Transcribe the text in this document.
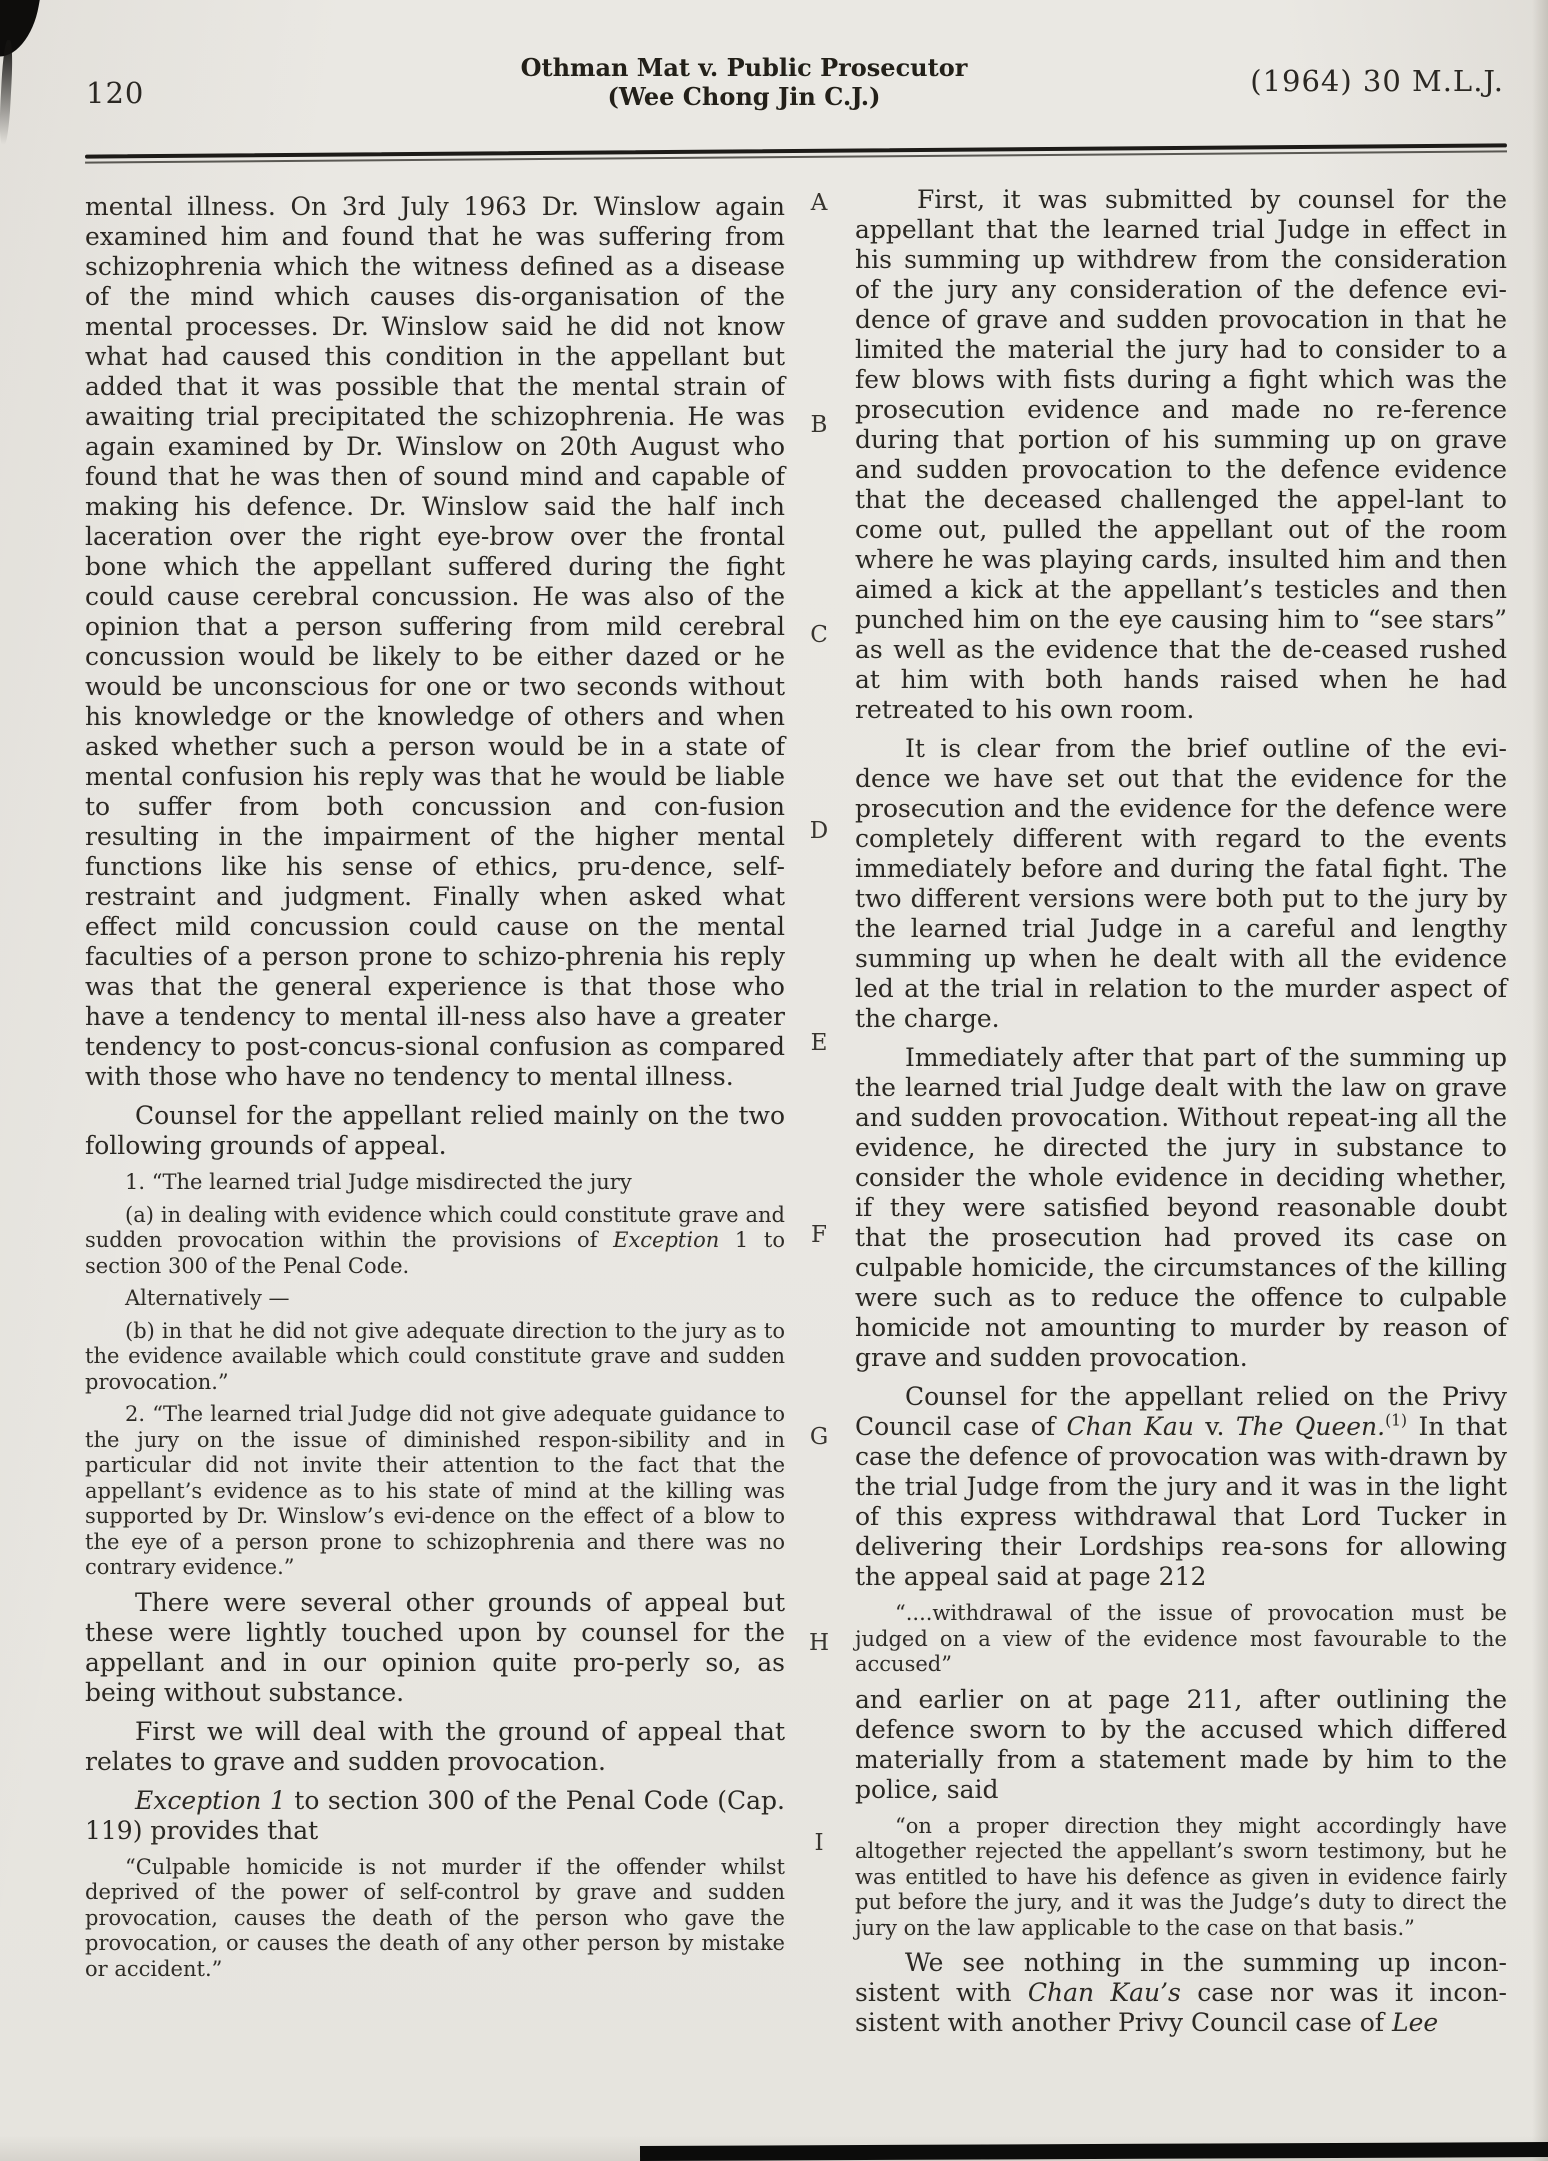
120
Othman Mat v. Public Prosecutor
(Wee Chong Jin C.J.)	(1964) 30 M.L.J.
A
B
C
D
E
F
G
H
I

mental illness. On 3rd July 1963 Dr. Winslow again examined him and found that he was suffering from schizophrenia which the witness defined as a disease of the mind which causes dis-organisation of the mental processes. Dr. Winslow said he did not know what had caused this condition in the appellant but added that it was possible that the mental strain of awaiting trial precipitated the schizophrenia. He was again examined by Dr. Winslow on 20th August who found that he was then of sound mind and capable of making his defence. Dr. Winslow said the half inch laceration over the right eye-brow over the frontal bone which the appellant suffered during the fight could cause cerebral concussion. He was also of the opinion that a person suffering from mild cerebral concussion would be likely to be either dazed or he would be unconscious for one or two seconds without his knowledge or the knowledge of others and when asked whether such a person would be in a state of mental confusion his reply was that he would be liable to suffer from both concussion and con-fusion resulting in the impairment of the higher mental functions like his sense of ethics, pru-dence, self-restraint and judgment. Finally when asked what effect mild concussion could cause on the mental faculties of a person prone to schizo-phrenia his reply was that the general experience is that those who have a tendency to mental ill-ness also have a greater tendency to post-concus-sional confusion as compared with those who have no tendency to mental illness.

Counsel for the appellant relied mainly on the two following grounds of appeal.

1. “The learned trial Judge misdirected the jury

(a) in dealing with evidence which could constitute grave and sudden provocation within the provisions of Exception 1 to section 300 of the Penal Code.

Alternatively —

(b) in that he did not give adequate direction to the jury as to the evidence available which could constitute grave and sudden provocation.”

2. “The learned trial Judge did not give adequate guidance to the jury on the issue of diminished respon-sibility and in particular did not invite their attention to the fact that the appellant’s evidence as to his state of mind at the killing was supported by Dr. Winslow’s evi-dence on the effect of a blow to the eye of a person prone to schizophrenia and there was no contrary evidence.”

There were several other grounds of appeal but these were lightly touched upon by counsel for the appellant and in our opinion quite pro-perly so, as being without substance.

First we will deal with the ground of appeal that relates to grave and sudden provocation.

Exception 1 to section 300 of the Penal Code (Cap. 119) provides that

“Culpable homicide is not murder if the offender whilst deprived of the power of self-control by grave and sudden provocation, causes the death of the person who gave the provocation, or causes the death of any other person by mistake or accident.”

First, it was submitted by counsel for the appellant that the learned trial Judge in effect in his summing up withdrew from the consideration of the jury any consideration of the defence evi-dence of grave and sudden provocation in that he limited the material the jury had to consider to a few blows with fists during a fight which was the prosecution evidence and made no re-ference during that portion of his summing up on grave and sudden provocation to the defence evidence that the deceased challenged the appel-lant to come out, pulled the appellant out of the room where he was playing cards, insulted him and then aimed a kick at the appellant’s testicles and then punched him on the eye causing him to “see stars” as well as the evidence that the de-ceased rushed at him with both hands raised when he had retreated to his own room.

It is clear from the brief outline of the evi-dence we have set out that the evidence for the prosecution and the evidence for the defence were completely different with regard to the events immediately before and during the fatal fight. The two different versions were both put to the jury by the learned trial Judge in a careful and lengthy summing up when he dealt with all the evidence led at the trial in relation to the murder aspect of the charge.

Immediately after that part of the summing up the learned trial Judge dealt with the law on grave and sudden provocation. Without repeat-ing all the evidence, he directed the jury in substance to consider the whole evidence in deciding whether, if they were satisfied beyond reasonable doubt that the prosecution had proved its case on culpable homicide, the circumstances of the killing were such as to reduce the offence to culpable homicide not amounting to murder by reason of grave and sudden provocation.

Counsel for the appellant relied on the Privy Council case of Chan Kau v. The Queen.$^{(1)}$ In that case the defence of provocation was with-drawn by the trial Judge from the jury and it was in the light of this express withdrawal that Lord Tucker in delivering their Lordships rea-sons for allowing the appeal said at page 212

“....withdrawal of the issue of provocation must be judged on a view of the evidence most favourable to the accused”

and earlier on at page 211, after outlining the defence sworn to by the accused which differed materially from a statement made by him to the police, said

“on a proper direction they might accordingly have altogether rejected the appellant’s sworn testimony, but he was entitled to have his defence as given in evidence fairly put before the jury, and it was the Judge’s duty to direct the jury on the law applicable to the case on that basis.”

We see nothing in the summing up incon-sistent with Chan Kau’s case nor was it incon-sistent with another Privy Council case of Lee
